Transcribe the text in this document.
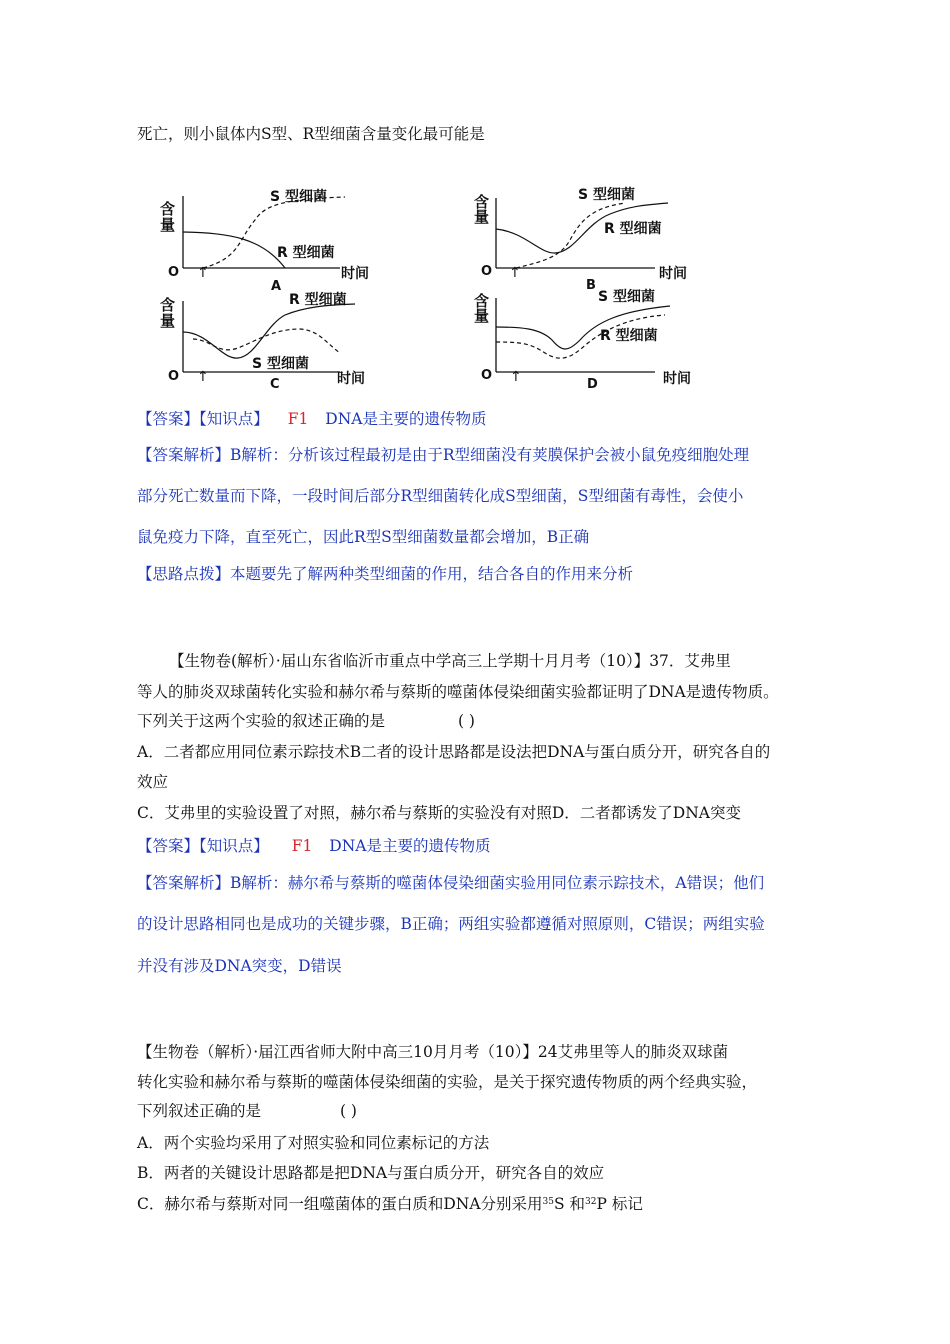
死亡，则小鼠体内S型、R型细菌含量变化最可能是
含
量
O ↑	时间
S 型细菌
R 型细菌
A
含
量
O ↑	时间
S 型细菌
R 型细菌
B
含
量
O ↑	时间
R 型细菌
S 型细菌
C
含
量
O ↑	时间
S 型细菌
R 型细菌
D
【答案】【知识点】 F1 DNA是主要的遗传物质
【答案解析】B解析：分析该过程最初是由于R型细菌没有荚膜保护会被小鼠免疫细胞处理
部分死亡数量而下降，一段时间后部分R型细菌转化成S型细菌，S型细菌有毒性，会使小
鼠免疫力下降，直至死亡，因此R型S型细菌数量都会增加，B正确
【思路点拨】本题要先了解两种类型细菌的作用，结合各自的作用来分析
【生物卷(解析）·届山东省临沂市重点中学高三上学期十月月考（10）】37．艾弗里
等人的肺炎双球菌转化实验和赫尔希与蔡斯的噬菌体侵染细菌实验都证明了DNA是遗传物质。
下列关于这两个实验的叙述正确的是	( )
A．二者都应用同位素示踪技术B二者的设计思路都是设法把DNA与蛋白质分开，研究各自的
效应
C．艾弗里的实验设置了对照，赫尔希与蔡斯的实验没有对照D．二者都诱发了DNA突变
【答案】【知识点】 F1 DNA是主要的遗传物质
【答案解析】B解析：赫尔希与蔡斯的噬菌体侵染细菌实验用同位素示踪技术，A错误；他们
的设计思路相同也是成功的关键步骤，B正确；两组实验都遵循对照原则，C错误；两组实验
并没有涉及DNA突变，D错误
【生物卷（解析）·届江西省师大附中高三10月月考（10）】24艾弗里等人的肺炎双球菌
转化实验和赫尔希与蔡斯的噬菌体侵染细菌的实验，是关于探究遗传物质的两个经典实验，
下列叙述正确的是	( )
A．两个实验均采用了对照实验和同位素标记的方法
B．两者的关键设计思路都是把DNA与蛋白质分开，研究各自的效应
C．赫尔希与蔡斯对同一组噬菌体的蛋白质和DNA分别采用$^{35}$S 和$^{32}$P 标记
